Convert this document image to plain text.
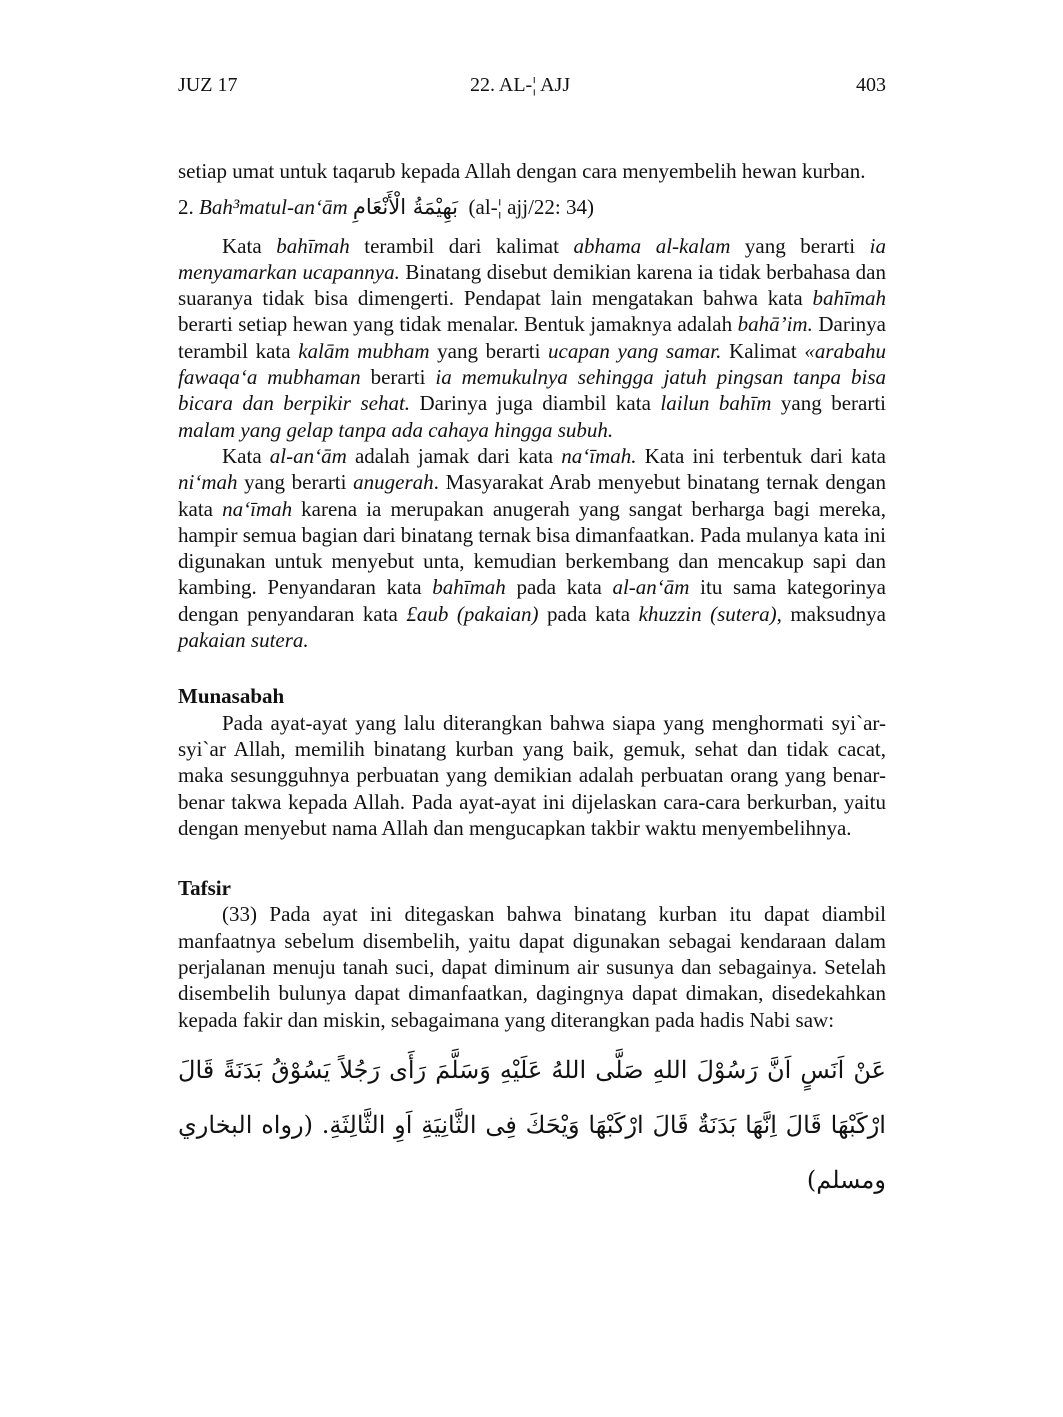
JUZ 17	22. AL-¦ AJJ	403

setiap umat untuk taqarub kepada Allah dengan cara menyembelih hewan kurban.

2. Bah³matul-an‘ām بَهِيْمَةُ الْأَنْعَامِ (al-¦ ajj/22: 34)

Kata bahīmah terambil dari kalimat abhama al-kalam yang berarti ia menyamarkan ucapannya. Binatang disebut demikian karena ia tidak berbahasa dan suaranya tidak bisa dimengerti. Pendapat lain mengatakan bahwa kata bahīmah berarti setiap hewan yang tidak menalar. Bentuk jamaknya adalah bahā’im. Darinya terambil kata kalām mubham yang berarti ucapan yang samar. Kalimat «arabahu fawaqa‘a mubhaman berarti ia memukulnya sehingga jatuh pingsan tanpa bisa bicara dan berpikir sehat. Darinya juga diambil kata lailun bahīm yang berarti malam yang gelap tanpa ada cahaya hingga subuh.

Kata al-an‘ām adalah jamak dari kata na‘īmah. Kata ini terbentuk dari kata ni‘mah yang berarti anugerah. Masyarakat Arab menyebut binatang ternak dengan kata na‘īmah karena ia merupakan anugerah yang sangat berharga bagi mereka, hampir semua bagian dari binatang ternak bisa dimanfaatkan. Pada mulanya kata ini digunakan untuk menyebut unta, kemudian berkembang dan mencakup sapi dan kambing. Penyandaran kata bahīmah pada kata al-an‘ām itu sama kategorinya dengan penyandaran kata £aub (pakaian) pada kata khuzzin (sutera), maksudnya pakaian sutera.

Munasabah

Pada ayat-ayat yang lalu diterangkan bahwa siapa yang menghormati syi`ar-syi`ar Allah, memilih binatang kurban yang baik, gemuk, sehat dan tidak cacat, maka sesungguhnya perbuatan yang demikian adalah perbuatan orang yang benar-benar takwa kepada Allah. Pada ayat-ayat ini dijelaskan cara-cara berkurban, yaitu dengan menyebut nama Allah dan mengucapkan takbir waktu menyembelihnya.

Tafsir

(33) Pada ayat ini ditegaskan bahwa binatang kurban itu dapat diambil manfaatnya sebelum disembelih, yaitu dapat digunakan sebagai kendaraan dalam perjalanan menuju tanah suci, dapat diminum air susunya dan sebagainya. Setelah disembelih bulunya dapat dimanfaatkan, dagingnya dapat dimakan, disedekahkan kepada fakir dan miskin, sebagaimana yang diterangkan pada hadis Nabi saw:

عَنْ اَنَسٍ اَنَّ رَسُوْلَ اللهِ صَلَّى اللهُ عَلَيْهِ وَسَلَّمَ رَأَى رَجُلاً يَسُوْقُ بَدَنَةً قَالَ ارْكَبْهَا قَالَ اِنَّهَا بَدَنَةٌ قَالَ ارْكَبْهَا وَيْحَكَ فِى الثَّانِيَةِ اَوِ الثَّالِثَةِ. (رواه البخاري ومسلم)
